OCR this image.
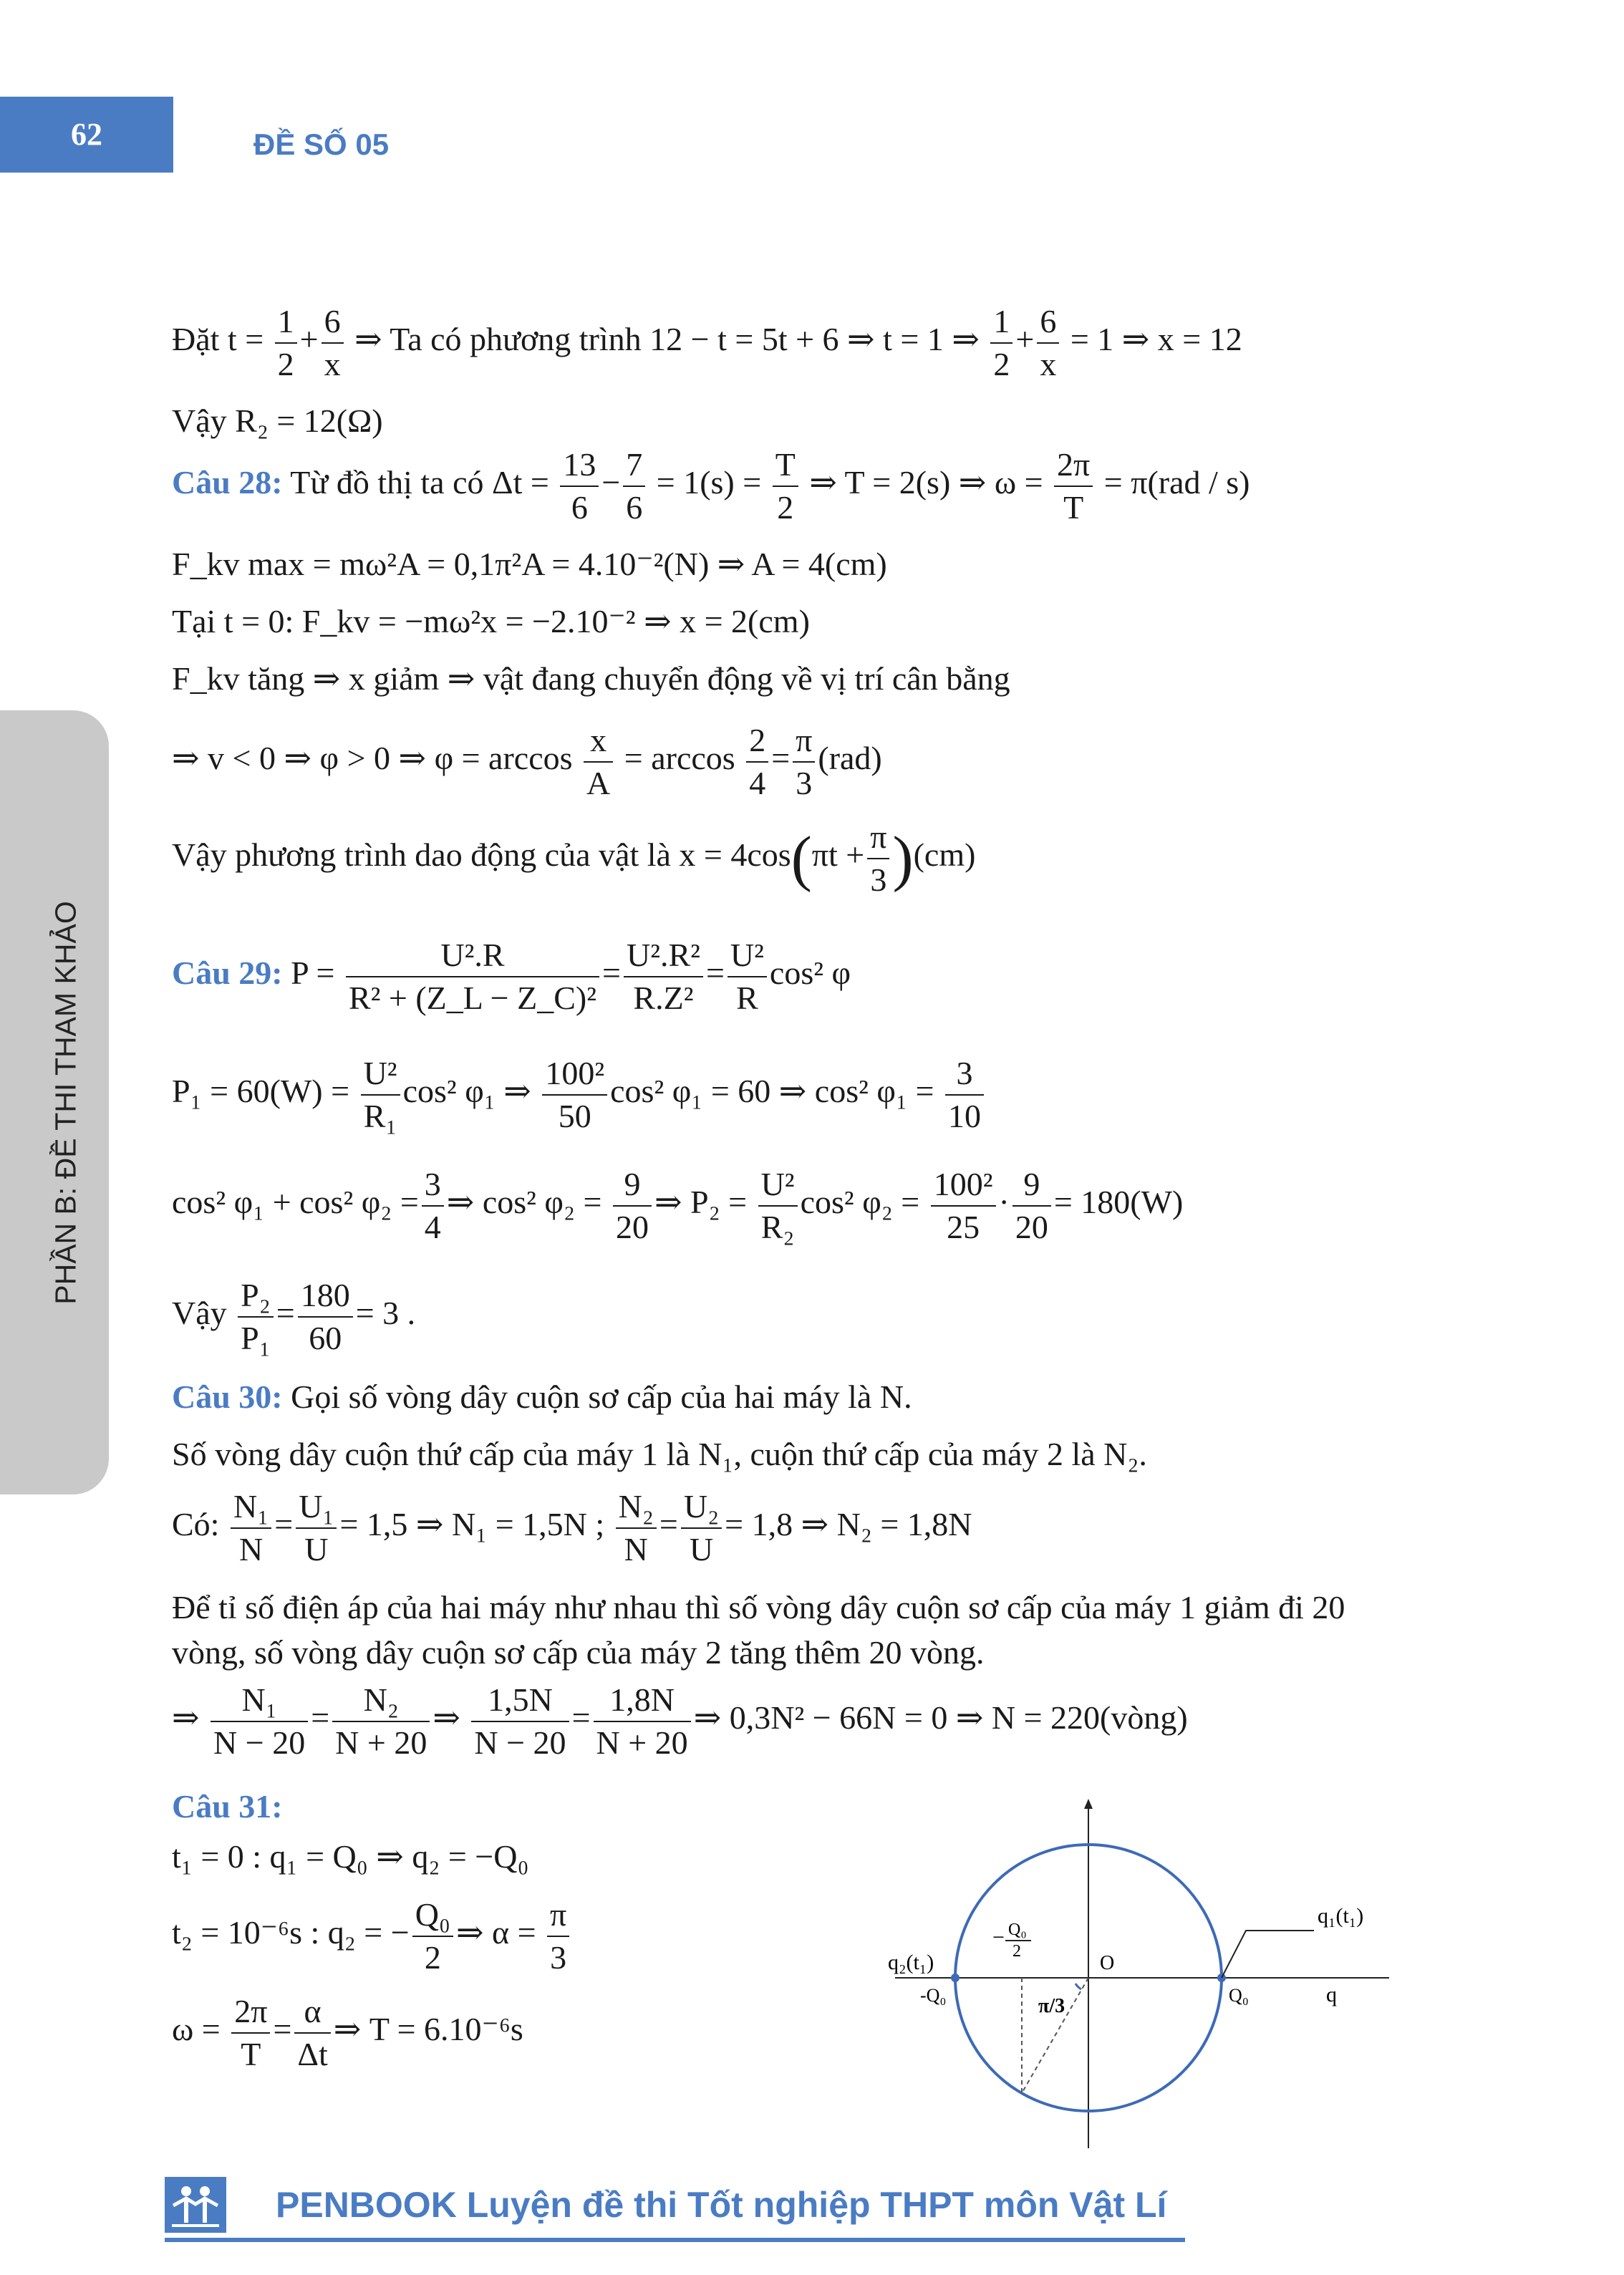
62	ĐỀ SỐ 05
PHẦN B: ĐỀ THI THAM KHẢO
Đặt $t = \frac{1}{2} + \frac{6}{x}$ ⇒ Ta có phương trình 12 − t = 5t + 6 ⇒ t = 1 ⇒ $\frac{1}{2} + \frac{6}{x} = 1$ ⇒ x = 12
Vậy R₂ = 12(Ω)
Câu 28: Từ đồ thị ta có $\Delta t = \frac{13}{6} - \frac{7}{6} = 1(s) = \frac{T}{2}$ ⇒ T = 2(s) ⇒ $\omega = \frac{2\pi}{T} = \pi(rad / s)$
F_kv max = mω²A = 0,1π²A = 4.10⁻²(N) ⇒ A = 4(cm)
Tại t = 0: F_kv = −mω²x = −2.10⁻² ⇒ x = 2(cm)
F_kv tăng ⇒ x giảm ⇒ vật đang chuyển động về vị trí cân bằng
⇒ v < 0 ⇒ φ > 0 ⇒ $\varphi = \arccos \frac{x}{A} = \arccos \frac{2}{4} = \frac{\pi}{3} (rad)$
Vậy phương trình dao động của vật là $x = 4\cos(\pi t + \frac{\pi}{3} )(cm)$
Câu 29: $P = \frac{\text{U².R}}{\text{R² + (Z\_L − Z\_C)²}} = \frac{\text{U².R²}}{\text{R.Z²}} = \frac{\text{U²}}{R} \cos^2$ φ
$P_1 = 60(W) = \frac{\text{U²}}{\text{R₁}} \cos^2$ φ₁ ⇒ $\frac{\text{100²}}{50} \cos^2$ φ₁ = 60 ⇒ cos² $\varphi_1 = \frac{3}{10}$
cos² φ₁ + cos² $\varphi_2 = \frac{3}{4}$ ⇒ cos² $\varphi_2 = \frac{9}{20}$ ⇒ $P_2 = \frac{\text{U²}}{\text{R₂}} \cos^2$ $\varphi_2 = \frac{\text{100²}}{25} \cdot \frac{9}{20} = 180(W)$
Vậy $\frac{\text{P₂}}{\text{P₁}} = \frac{180}{60} = 3$ .
Câu 30: Gọi số vòng dây cuộn sơ cấp của hai máy là N.
Số vòng dây cuộn thứ cấp của máy 1 là N₁, cuộn thứ cấp của máy 2 là N₂.
Có: $\frac{\text{N₁}}{N} = \frac{\text{U₁}}{U} = 1,5$ ⇒ N₁ = 1,5N ; $\frac{\text{N₂}}{N} = \frac{\text{U₂}}{U} = 1,8$ ⇒ N₂ = 1,8N
Để tỉ số điện áp của hai máy như nhau thì số vòng dây cuộn sơ cấp của máy 1 giảm đi 20
vòng, số vòng dây cuộn sơ cấp của máy 2 tăng thêm 20 vòng.
⇒ $\frac{\text{N₁}}{N - 20} = \frac{\text{N₂}}{N + 20}$ ⇒ $\frac{1,5N}{N - 20} = \frac{1,8N}{N + 20}$ ⇒ 0,3N² − 66N = 0 ⇒ N = 220(vòng)
Câu 31:
t₁ = 0 : q₁ = Q₀ ⇒ q₂ = −Q₀
t₂ = 10⁻⁶s : q₂ = − $\frac{\text{Q₀}}{2}$ ⇒ $\alpha = \frac{\pi}{3}$
$\omega = \frac{2\pi}{T} = \frac{\alpha}{\Delta t}$ ⇒ T = 6.10⁻⁶s
q₁(t₁)
q₂(t₁)
-Q₀	Q₀
O
q
− Q₀
2
π/3
PENBOOK Luyện đề thi Tốt nghiệp THPT môn Vật Lí
